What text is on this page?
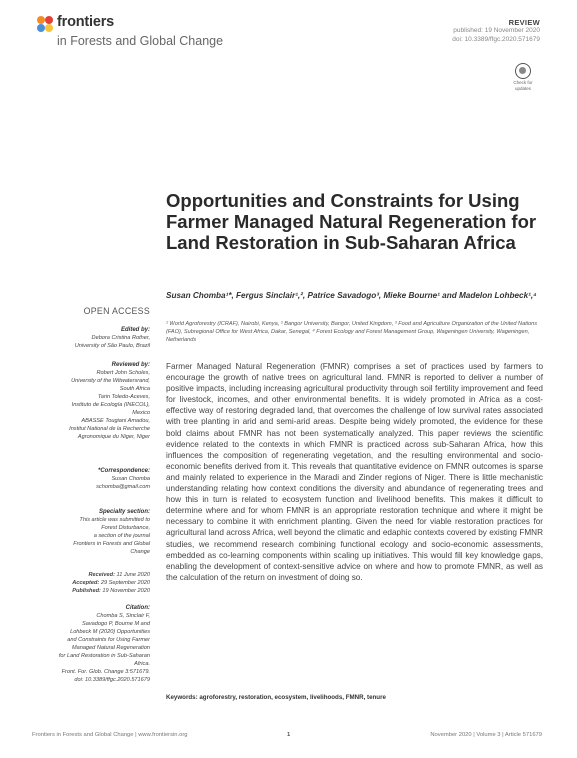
frontiers
in Forests and Global Change
REVIEW
published: 19 November 2020
doi: 10.3389/ffgc.2020.571679
Check for
updates
Opportunities and Constraints for Using Farmer Managed Natural Regeneration for Land Restoration in Sub-Saharan Africa
Susan Chomba¹*, Fergus Sinclair¹,², Patrice Savadogo³, Mieke Bourne¹ and Madelon Lohbeck¹,⁴
¹ World Agroforestry (ICRAF), Nairobi, Kenya, ² Bangor University, Bangor, United Kingdom, ³ Food and Agriculture Organization of the United Nations (FAO), Subregional Office for West Africa, Dakar, Senegal, ⁴ Forest Ecology and Forest Management Group, Wageningen University, Wageningen, Netherlands
OPEN ACCESS
Edited by:
Debora Cristina Rother,
University of São Paulo, Brazil
Reviewed by:
Robert John Scholes,
University of the Witwatersrand,
South Africa
Tarin Toledo-Aceves,
Instituto de Ecología (INECOL),
Mexico
ABASSE Tougiani Amadou,
Institut National de la Recherche
Agronomique du Niger, Niger
*Correspondence:
Susan Chomba
schomba@gmail.com
Specialty section:
This article was submitted to
Forest Disturbance,
a section of the journal
Frontiers in Forests and Global
Change
Received: 11 June 2020
Accepted: 29 September 2020
Published: 19 November 2020
Citation:
Chomba S, Sinclair F,
Savadogo P, Bourne M and
Lohbeck M (2020) Opportunities
and Constraints for Using Farmer
Managed Natural Regeneration
for Land Restoration in Sub-Saharan
Africa.
Front. For. Glob. Change 3:571679.
doi: 10.3389/ffgc.2020.571679

Farmer Managed Natural Regeneration (FMNR) comprises a set of practices used by farmers to encourage the growth of native trees on agricultural land. FMNR is reported to deliver a number of positive impacts, including increasing agricultural productivity through soil fertility improvement and feed for livestock, incomes, and other environmental benefits. It is widely promoted in Africa as a cost-effective way of restoring degraded land, that overcomes the challenge of low survival rates associated with tree planting in arid and semi-arid areas. Despite being widely promoted, the evidence for these bold claims about FMNR has not been systematically analyzed. This paper reviews the scientific evidence related to the contexts in which FMNR is practiced across sub-Saharan Africa, how this influences the composition of regenerating vegetation, and the resulting environmental and socio-economic benefits derived from it. This reveals that quantitative evidence on FMNR outcomes is sparse and mainly related to experience in the Maradi and Zinder regions of Niger. There is little mechanistic understanding relating how context conditions the diversity and abundance of regenerating trees and how this in turn is related to ecosystem function and livelihood benefits. This makes it difficult to determine where and for whom FMNR is an appropriate restoration technique and where it might be necessary to combine it with enrichment planting. Given the need for viable restoration practices for agricultural land across Africa, well beyond the climatic and edaphic contexts covered by existing FMNR studies, we recommend research combining functional ecology and socio-economic assessments, embedded as co-learning components within scaling up initiatives. This would fill key knowledge gaps, enabling the development of context-sensitive advice on where and how to promote FMNR, as well as the calculation of the return on investment of doing so.

Keywords: agroforestry, restoration, ecosystem, livelihoods, FMNR, tenure
Frontiers in Forests and Global Change | www.frontiersin.org	1	November 2020 | Volume 3 | Article 571679
